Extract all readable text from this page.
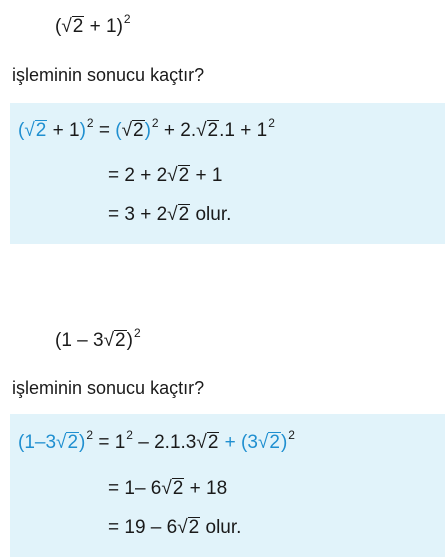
$(√2 + 1)^2$
işleminin sonucu kaçtır?
$(√2 + 1)^2 = (√2)^2 + 2.√2.1 + 1^2$
= 2 + 2√2 + 1
= 3 + 2√2 olur.
(1 – 3√2)$^2$
işleminin sonucu kaçtır?
$(1-3√2)^2 = 1^2 - 2.1.3√2 + (3√2)^2$
= 1– 6√2 + 18
= 19 – 6√2 olur.
